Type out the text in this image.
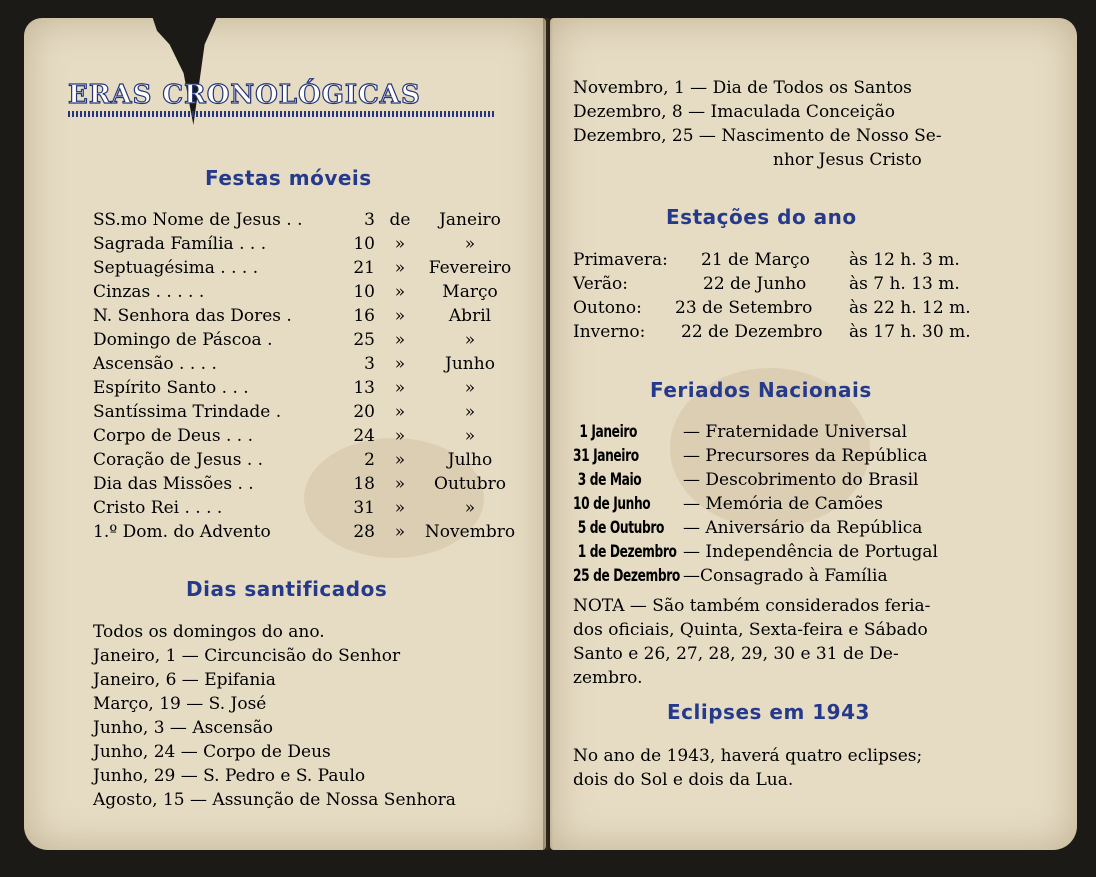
ERAS CRONOLÓGICAS
Festas móveis
SS.mo Nome de Jesus . .	3 de	Janeiro
Sagrada Família . . .	10	»	»
Septuagésima . . . .	21	»	Fevereiro
Cinzas . . . . .	10	»	Março
N. Senhora das Dores .	16	»	Abril
Domingo de Páscoa .	25	»	»
Ascensão . . . .	3	»	Junho
Espírito Santo . . .	13	»	»
Santíssima Trindade .	20	»	»
Corpo de Deus . . .	24	»	»
Coração de Jesus . .	2	»	Julho
Dia das Missões . .	18	»	Outubro
Cristo Rei . . . .	31	»	»
1.º Dom. do Advento	28	»	Novembro
Dias santificados
Todos os domingos do ano.
Janeiro, 1 — Circuncisão do Senhor
Janeiro, 6 — Epifania
Março, 19 — S. José
Junho, 3 — Ascensão
Junho, 24 — Corpo de Deus
Junho, 29 — S. Pedro e S. Paulo
Agosto, 15 — Assunção de Nossa Senhora
Novembro, 1 — Dia de Todos os Santos
Dezembro, 8 — Imaculada Conceição
Dezembro, 25 — Nascimento de Nosso Se-
nhor Jesus Cristo
Estações do ano
Primavera: 21 de Março às 12 h. 3 m.
Verão:	22 de Junho	às 7 h. 13 m.
Outono: 23 de Setembro às 22 h. 12 m.
Inverno: 22 de Dezembro às 17 h. 30 m.
Feriados Nacionais
1 Janeiro	— Fraternidade Universal
31 Janeiro	— Precursores da República
3 de Maio	— Descobrimento do Brasil
10 de Junho	— Memória de Camões
5 de Outubro — Aniversário da República
1 de Dezembro — Independência de Portugal
25 de Dezembro —Consagrado à Família
NOTA — São também considerados feria-
dos oficiais, Quinta, Sexta-feira e Sábado
Santo e 26, 27, 28, 29, 30 e 31 de De-
zembro.
Eclipses em 1943
No ano de 1943, haverá quatro eclipses;
dois do Sol e dois da Lua.
